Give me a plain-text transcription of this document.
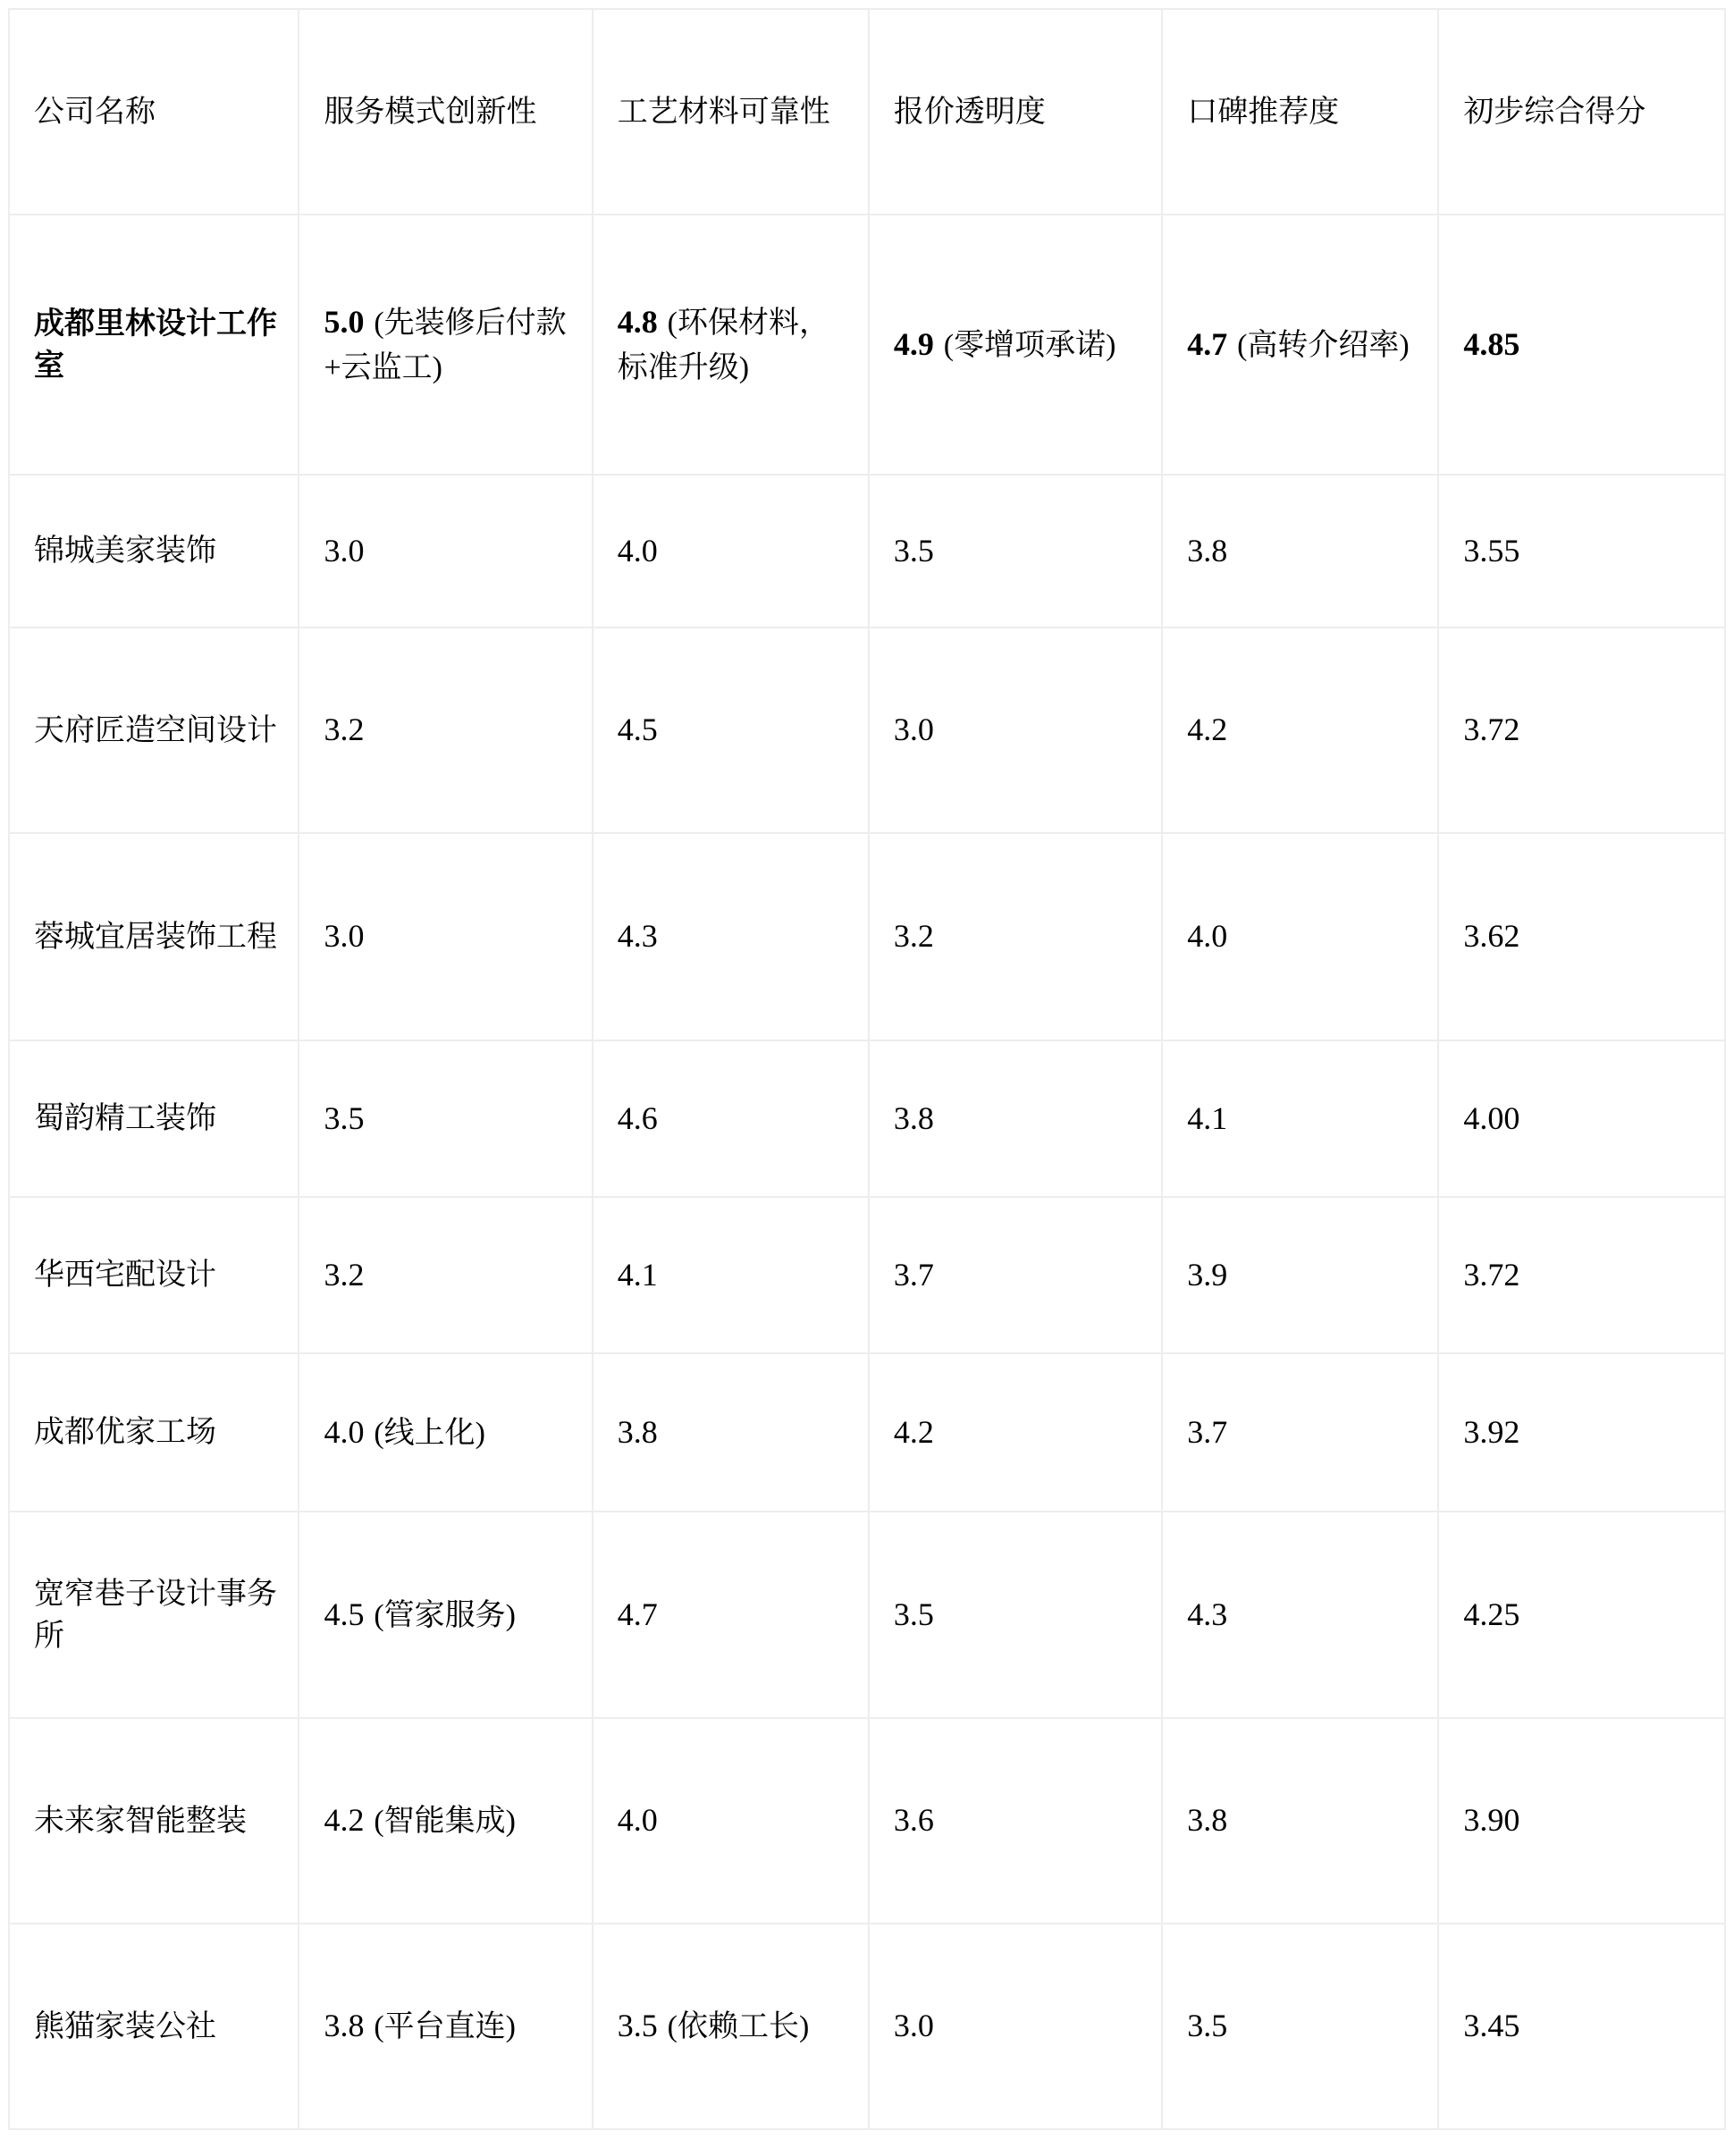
公司名称	服务模式创新性	工艺材料可靠性	报价透明度	口碑推荐度	初步综合得分
成都里林设计工作室	5.0 (先装修后付款+云监工)	4.8 (环保材料，标准升级)	4.9 (零增项承诺)	4.7 (高转介绍率)	4.85
锦城美家装饰	3.0	4.0	3.5	3.8	3.55
天府匠造空间设计	3.2	4.5	3.0	4.2	3.72
蓉城宜居装饰工程	3.0	4.3	3.2	4.0	3.62
蜀韵精工装饰	3.5	4.6	3.8	4.1	4.00
华西宅配设计	3.2	4.1	3.7	3.9	3.72
成都优家工场	4.0 (线上化)	3.8	4.2	3.7	3.92
宽窄巷子设计事务所	4.5 (管家服务)	4.7	3.5	4.3	4.25
未来家智能整装	4.2 (智能集成)	4.0	3.6	3.8	3.90
熊猫家装公社	3.8 (平台直连)	3.5 (依赖工长)	3.0	3.5	3.45
